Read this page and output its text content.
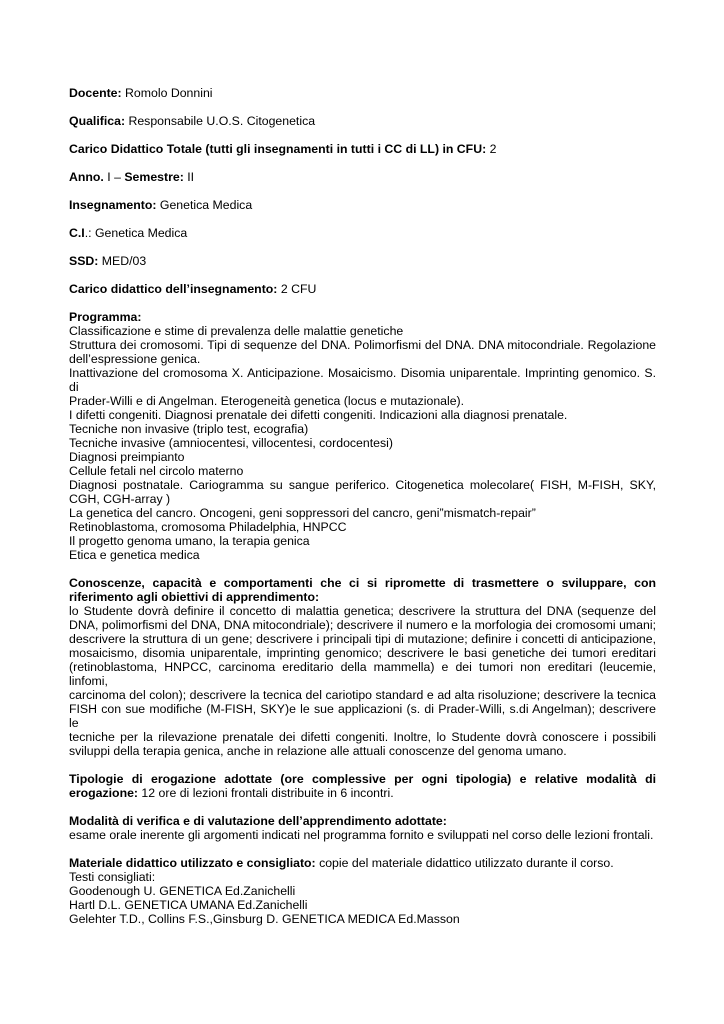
Docente: Romolo Donnini
Qualifica: Responsabile U.O.S. Citogenetica
Carico Didattico Totale (tutti gli insegnamenti in tutti i CC di LL) in CFU: 2
Anno. I – Semestre: II
Insegnamento: Genetica Medica
C.I.: Genetica Medica
SSD: MED/03
Carico didattico dell’insegnamento: 2 CFU
Programma:
Classificazione e stime di prevalenza delle malattie genetiche
Struttura dei cromosomi. Tipi di sequenze del DNA. Polimorfismi del DNA. DNA mitocondriale. Regolazione
dell’espressione genica.
Inattivazione del cromosoma X. Anticipazione. Mosaicismo. Disomia uniparentale. Imprinting genomico. S. di
Prader-Willi e di Angelman. Eterogeneità genetica (locus e mutazionale).
I difetti congeniti. Diagnosi prenatale dei difetti congeniti. Indicazioni alla diagnosi prenatale.
Tecniche non invasive (triplo test, ecografia)
Tecniche invasive (amniocentesi, villocentesi, cordocentesi)
Diagnosi preimpianto
Cellule fetali nel circolo materno
Diagnosi postnatale. Cariogramma su sangue periferico. Citogenetica molecolare( FISH, M-FISH, SKY,
CGH, CGH-array )
La genetica del cancro. Oncogeni, geni soppressori del cancro, geni”mismatch-repair”
Retinoblastoma, cromosoma Philadelphia, HNPCC
Il progetto genoma umano, la terapia genica
Etica e genetica medica
Conoscenze, capacità e comportamenti che ci si ripromette di trasmettere o sviluppare, con
riferimento agli obiettivi di apprendimento:
lo Studente dovrà definire il concetto di malattia genetica; descrivere la struttura del DNA (sequenze del
DNA, polimorfismi del DNA, DNA mitocondriale); descrivere il numero e la morfologia dei cromosomi umani;
descrivere la struttura di un gene; descrivere i principali tipi di mutazione; definire i concetti di anticipazione,
mosaicismo, disomia uniparentale, imprinting genomico; descrivere le basi genetiche dei tumori ereditari
(retinoblastoma, HNPCC, carcinoma ereditario della mammella) e dei tumori non ereditari (leucemie, linfomi,
carcinoma del colon); descrivere la tecnica del cariotipo standard e ad alta risoluzione; descrivere la tecnica
FISH con sue modifiche (M-FISH, SKY)e le sue applicazioni (s. di Prader-Willi, s.di Angelman); descrivere le
tecniche per la rilevazione prenatale dei difetti congeniti. Inoltre, lo Studente dovrà conoscere i possibili
sviluppi della terapia genica, anche in relazione alle attuali conoscenze del genoma umano.
Tipologie di erogazione adottate (ore complessive per ogni tipologia) e relative modalità di
erogazione: 12 ore di lezioni frontali distribuite in 6 incontri.
Modalità di verifica e di valutazione dell’apprendimento adottate:
esame orale inerente gli argomenti indicati nel programma fornito e sviluppati nel corso delle lezioni frontali.
Materiale didattico utilizzato e consigliato: copie del materiale didattico utilizzato durante il corso.
Testi consigliati:
Goodenough U. GENETICA Ed.Zanichelli
Hartl D.L. GENETICA UMANA Ed.Zanichelli
Gelehter T.D., Collins F.S.,Ginsburg D. GENETICA MEDICA Ed.Masson
